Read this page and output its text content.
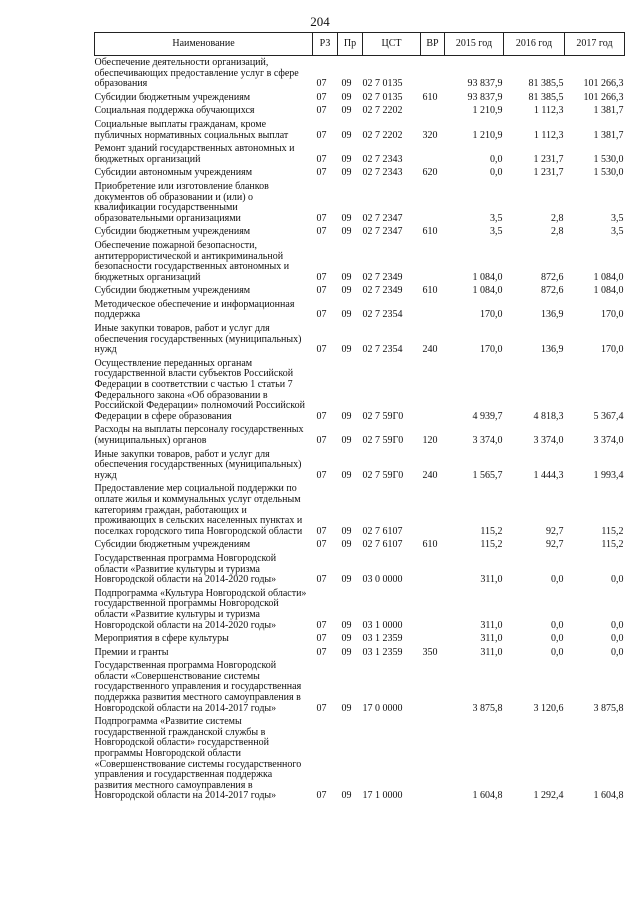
204
Наименование	РЗ	Пр	ЦСТ	ВР	2015 год	2016 год	2017 год
Обеспечение деятельности организаций, обеспечивающих предоставление услуг в сфере образования	07	09	02 7 0135		93 837,9	81 385,5	101 266,3
Субсидии бюджетным учреждениям	07	09	02 7 0135	610	93 837,9	81 385,5	101 266,3
Социальная поддержка обучающихся	07	09	02 7 2202		1 210,9	1 112,3	1 381,7
Социальные выплаты гражданам, кроме публичных нормативных социальных выплат	07	09	02 7 2202	320	1 210,9	1 112,3	1 381,7
Ремонт зданий государственных автономных и бюджетных организаций	07	09	02 7 2343		0,0	1 231,7	1 530,0
Субсидии автономным учреждениям	07	09	02 7 2343	620	0,0	1 231,7	1 530,0
Приобретение или изготовление бланков документов об образовании и (или) о квалификации государственными образовательными организациями	07	09	02 7 2347		3,5	2,8	3,5
Субсидии бюджетным учреждениям	07	09	02 7 2347	610	3,5	2,8	3,5
Обеспечение пожарной безопасности, антитеррористической и антикриминальной безопасности государственных автономных и бюджетных организаций	07	09	02 7 2349		1 084,0	872,6	1 084,0
Субсидии бюджетным учреждениям	07	09	02 7 2349	610	1 084,0	872,6	1 084,0
Методическое обеспечение и информационная поддержка	07	09	02 7 2354		170,0	136,9	170,0
Иные закупки товаров, работ и услуг для обеспечения государственных (муниципальных) нужд	07	09	02 7 2354	240	170,0	136,9	170,0
Осуществление переданных органам государственной власти субъектов Российской Федерации в соответствии с частью 1 статьи 7 Федерального закона «Об образовании в Российской Федерации» полномочий Российской Федерации в сфере образования	07	09	02 7 59Г0		4 939,7	4 818,3	5 367,4
Расходы на выплаты персоналу государственных (муниципальных) органов	07	09	02 7 59Г0	120	3 374,0	3 374,0	3 374,0
Иные закупки товаров, работ и услуг для обеспечения государственных (муниципальных) нужд	07	09	02 7 59Г0	240	1 565,7	1 444,3	1 993,4
Предоставление мер социальной поддержки по оплате жилья и коммунальных услуг отдельным категориям граждан, работающих и проживающих в сельских населенных пунктах и поселках городского типа Новгородской области	07	09	02 7 6107		115,2	92,7	115,2
Субсидии бюджетным учреждениям	07	09	02 7 6107	610	115,2	92,7	115,2
Государственная программа Новгородской области «Развитие культуры и туризма Новгородской области на 2014-2020 годы»	07	09	03 0 0000		311,0	0,0	0,0
Подпрограмма «Культура Новгородской области» государственной программы Новгородской области «Развитие культуры и туризма Новгородской области на 2014-2020 годы»	07	09	03 1 0000		311,0	0,0	0,0
Мероприятия в сфере культуры	07	09	03 1 2359		311,0	0,0	0,0
Премии и гранты	07	09	03 1 2359	350	311,0	0,0	0,0
Государственная программа Новгородской области «Совершенствование системы государственного управления и государственная поддержка развития местного самоуправления в Новгородской области на 2014-2017 годы»	07	09	17 0 0000		3 875,8	3 120,6	3 875,8
Подпрограмма «Развитие системы государственной гражданской службы в Новгородской области» государственной программы Новгородской области «Совершенствование системы государственного управления и государственная поддержка развития местного самоуправления в Новгородской области на 2014-2017 годы»	07	09	17 1 0000		1 604,8	1 292,4	1 604,8
